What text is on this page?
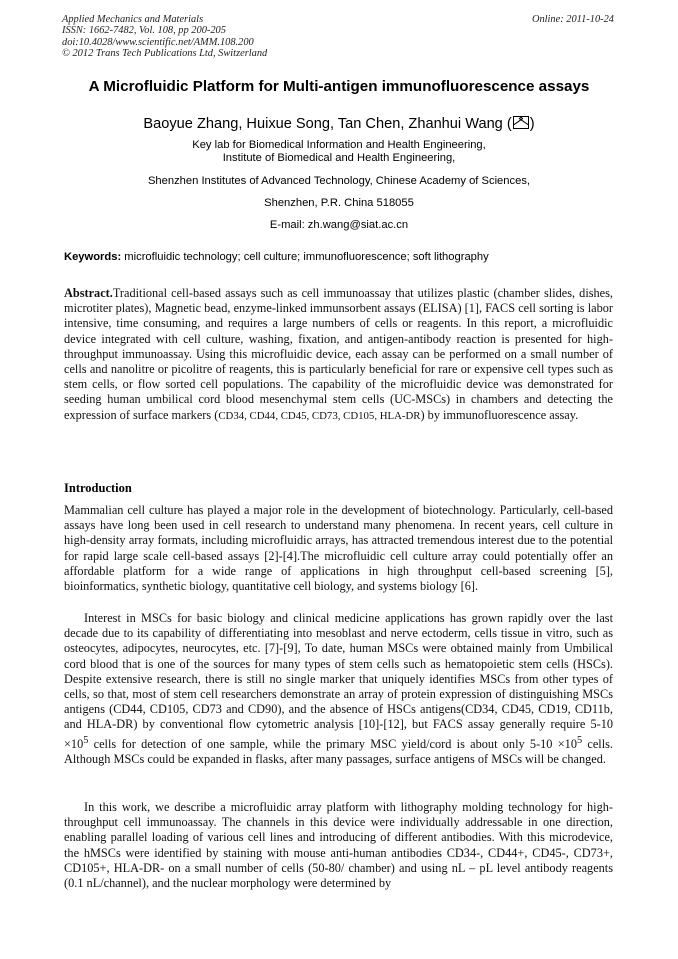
Applied Mechanics and Materials
ISSN: 1662-7482, Vol. 108, pp 200-205
doi:10.4028/www.scientific.net/AMM.108.200
© 2012 Trans Tech Publications Ltd, Switzerland
Online: 2011-10-24
A Microfluidic Platform for Multi-antigen immunofluorescence assays
Baoyue Zhang, Huixue Song, Tan Chen, Zhanhui Wang ( )
Key lab for Biomedical Information and Health Engineering,
Institute of Biomedical and Health Engineering,
Shenzhen Institutes of Advanced Technology, Chinese Academy of Sciences,
Shenzhen, P.R. China 518055
E-mail: zh.wang@siat.ac.cn
Keywords: microfluidic technology; cell culture; immunofluorescence; soft lithography
Abstract.Traditional cell-based assays such as cell immunoassay that utilizes plastic (chamber slides, dishes, microtiter plates), Magnetic bead, enzyme-linked immunsorbent assays (ELISA) [1], FACS cell sorting is labor intensive, time consuming, and requires a large numbers of cells or reagents. In this report, a microfluidic device integrated with cell culture, washing, fixation, and antigen-antibody reaction is presented for high-throughput immunoassay. Using this microfluidic device, each assay can be performed on a small number of cells and nanolitre or picolitre of reagents, this is particularly beneficial for rare or expensive cell types such as stem cells, or flow sorted cell populations. The capability of the microfluidic device was demonstrated for seeding human umbilical cord blood mesenchymal stem cells (UC-MSCs) in chambers and detecting the expression of surface markers (CD34, CD44, CD45, CD73, CD105, HLA-DR) by immunofluorescence assay.
Introduction
Mammalian cell culture has played a major role in the development of biotechnology. Particularly, cell-based assays have long been used in cell research to understand many phenomena. In recent years, cell culture in high-density array formats, including microfluidic arrays, has attracted tremendous interest due to the potential for rapid large scale cell-based assays [2]-[4].The microfluidic cell culture array could potentially offer an affordable platform for a wide range of applications in high throughput cell-based screening [5], bioinformatics, synthetic biology, quantitative cell biology, and systems biology [6].
Interest in MSCs for basic biology and clinical medicine applications has grown rapidly over the last decade due to its capability of differentiating into mesoblast and nerve ectoderm, cells tissue in vitro, such as osteocytes, adipocytes, neurocytes, etc. [7]-[9], To date, human MSCs were obtained mainly from Umbilical cord blood that is one of the sources for many types of stem cells such as hematopoietic stem cells (HSCs). Despite extensive research, there is still no single marker that uniquely identifies MSCs from other types of cells, so that, most of stem cell researchers demonstrate an array of protein expression of distinguishing MSCs antigens (CD44, CD105, CD73 and CD90), and the absence of HSCs antigens(CD34, CD45, CD19, CD11b, and HLA-DR) by conventional flow cytometric analysis [10]-[12], but FACS assay generally require $5-10 \times 10^5$ cells for detection of one sample, while the primary MSC yield/cord is about only $5-10 \times 10^5$ cells. Although MSCs could be expanded in flasks, after many passages, surface antigens of MSCs will be changed.
In this work, we describe a microfluidic array platform with lithography molding technology for high-throughput cell immunoassay. The channels in this device were individually addressable in one direction, enabling parallel loading of various cell lines and introducing of different antibodies. With this microdevice, the hMSCs were identified by staining with mouse anti-human antibodies CD34-, CD44+, CD45-, CD73+, CD105+, HLA-DR- on a small number of cells (50-80/ chamber) and using nL – pL level antibody reagents (0.1 nL/channel), and the nuclear morphology were determined by
